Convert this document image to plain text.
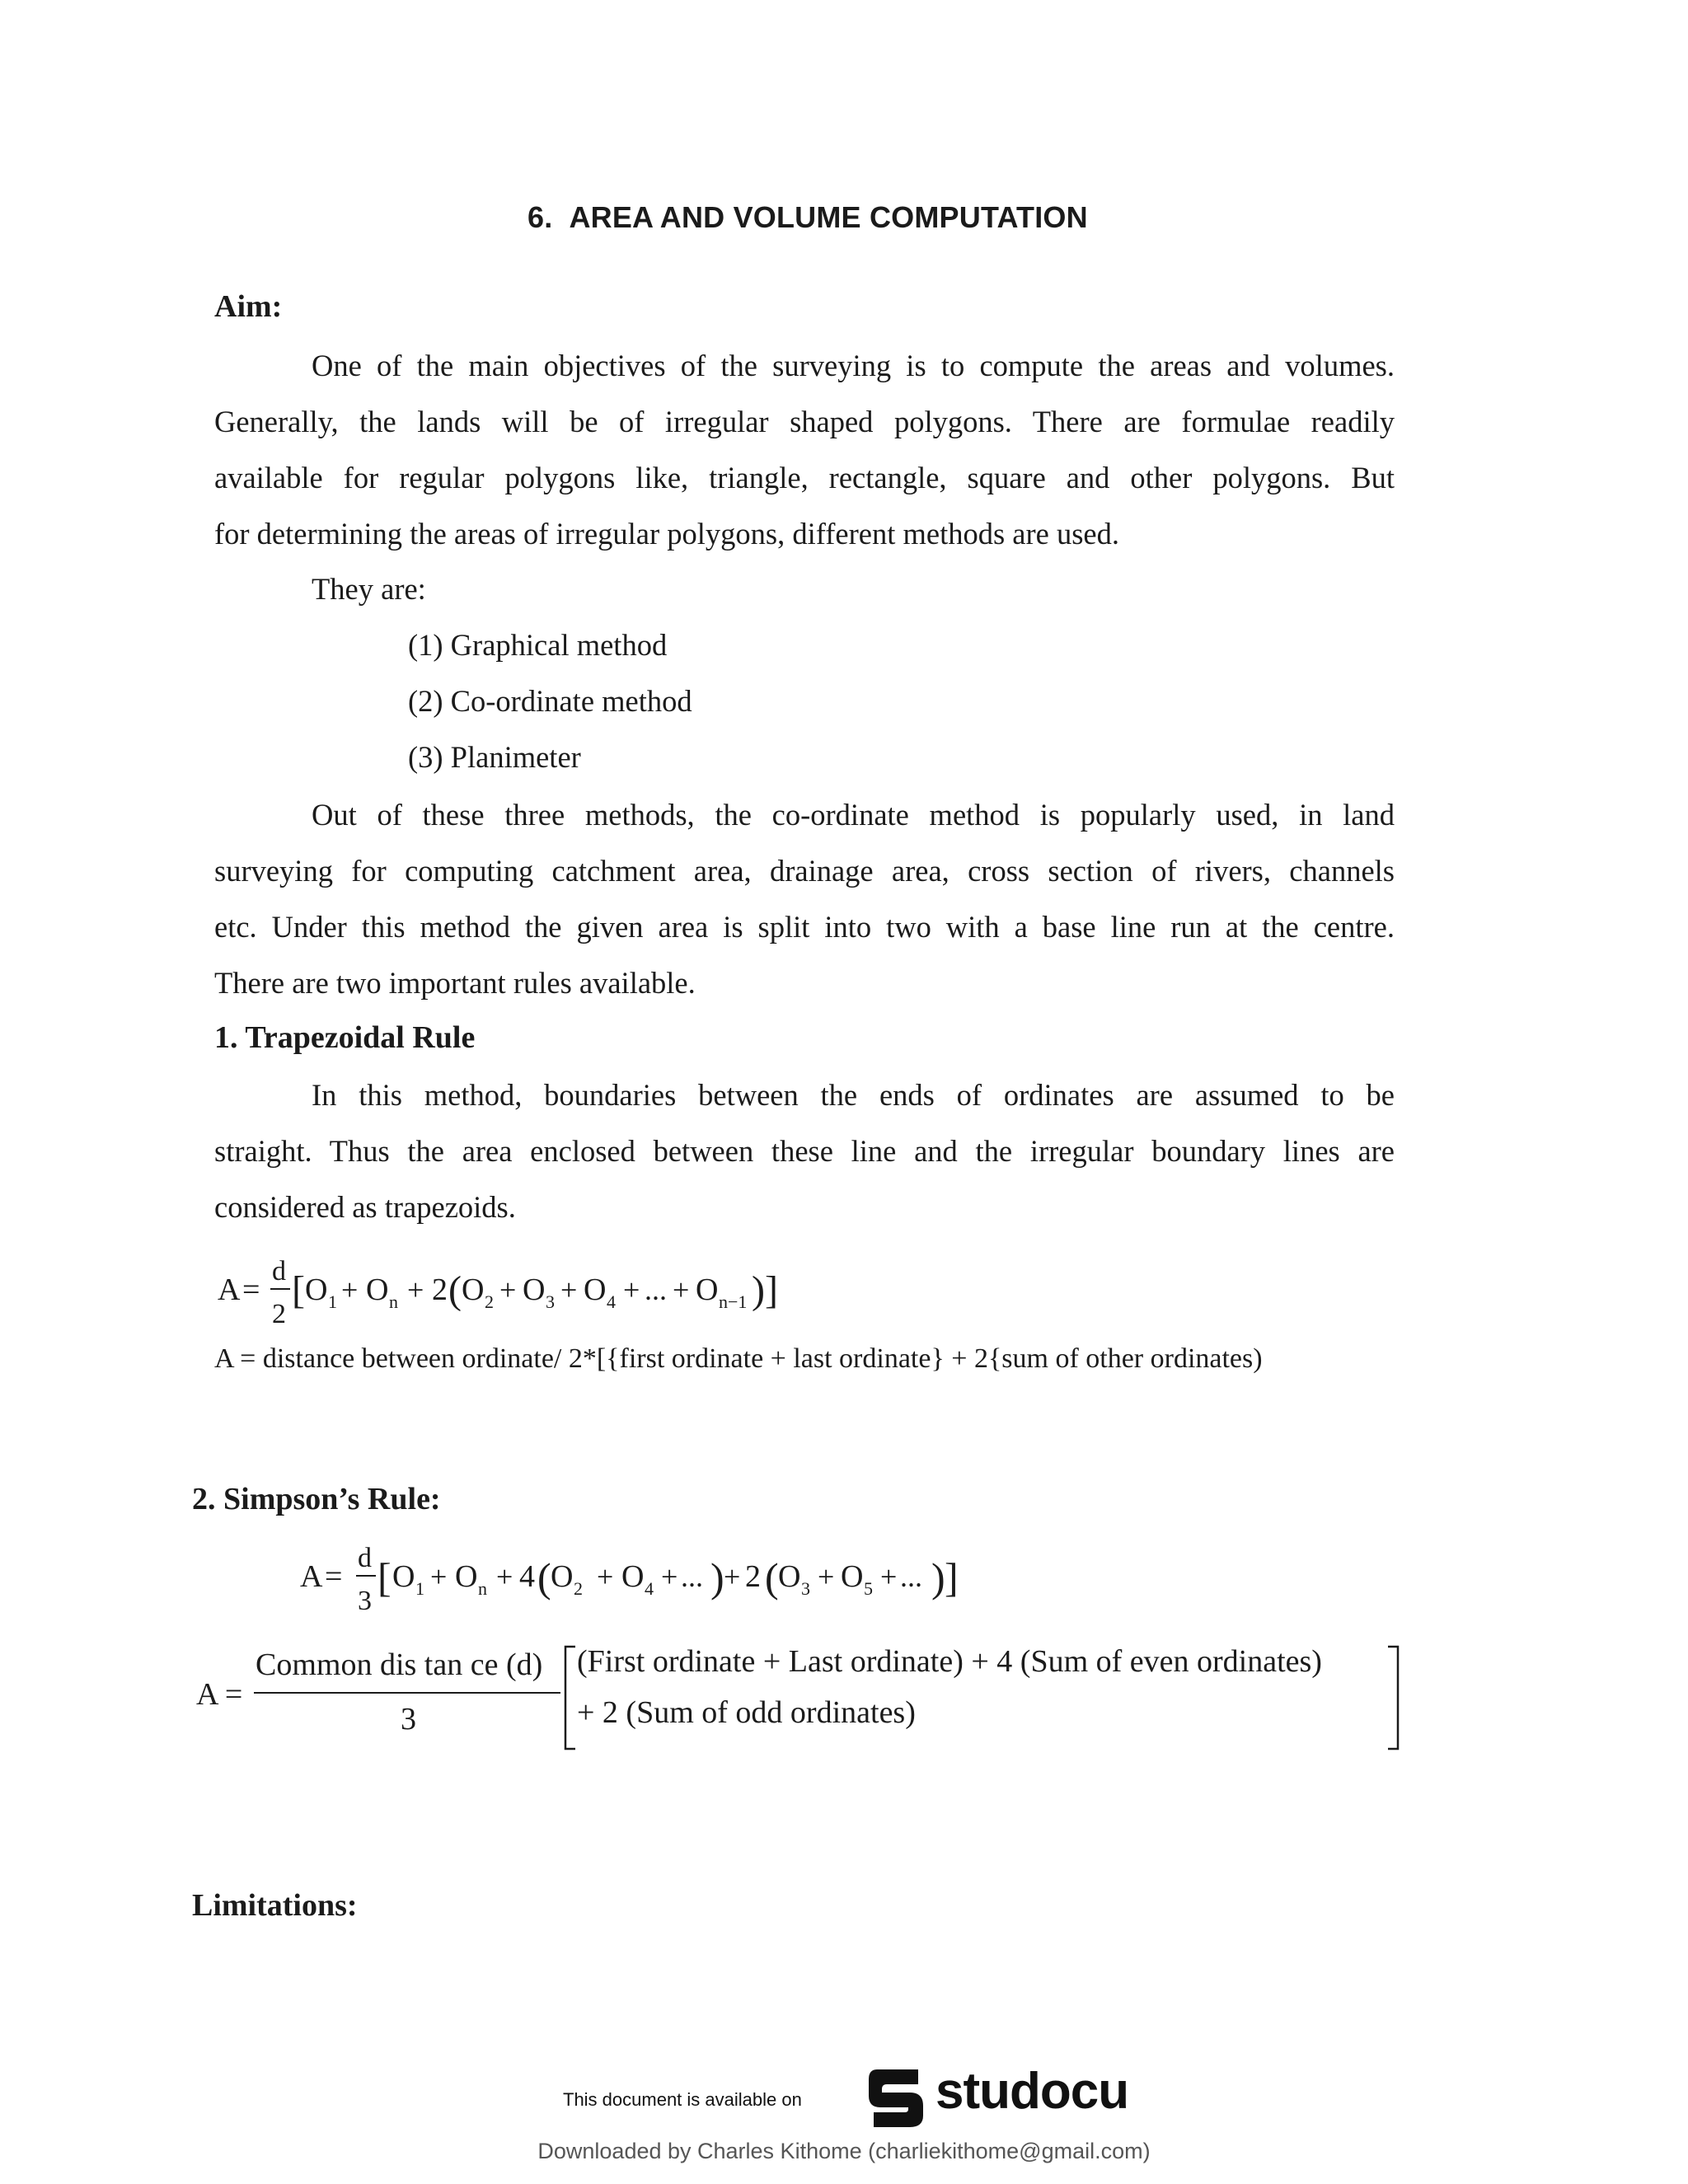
6. AREA AND VOLUME COMPUTATION
Aim:
One of the main objectives of the surveying is to compute the areas and volumes.
Generally, the lands will be of irregular shaped polygons. There are formulae readily
available for regular polygons like, triangle, rectangle, square and other polygons. But
for determining the areas of irregular polygons, different methods are used.
They are:
(1) Graphical method
(2) Co-ordinate method
(3) Planimeter
Out of these three methods, the co-ordinate method is popularly used, in land
surveying for computing catchment area, drainage area, cross section of rivers, channels
etc. Under this method the given area is split into two with a base line run at the centre.
There are two important rules available.
1. Trapezoidal Rule
In this method, boundaries between the ends of ordinates are assumed to be
straight. Thus the area enclosed between these line and the irregular boundary lines are
considered as trapezoids.
A =
d
2
[ O 1 + O n + 2 ( O 2 + O 3 + O 4 + ... + O n−1 ) ]
A = distance between ordinate/ 2*[{first ordinate + last ordinate} + 2{sum of other ordinates)
2. Simpson’s Rule:
A =
d
3
[ O 1 + O n + 4 ( O 2 + O 4 + ... ) + 2 ( O 3 + O 5 + ... ) ]
A =
Common dis tan ce (d)
3
(First ordinate + Last ordinate) + 4 (Sum of even ordinates)
+ 2 (Sum of odd ordinates)
Limitations:
This document is available on	studocu
Downloaded by Charles Kithome (charliekithome@gmail.com)
